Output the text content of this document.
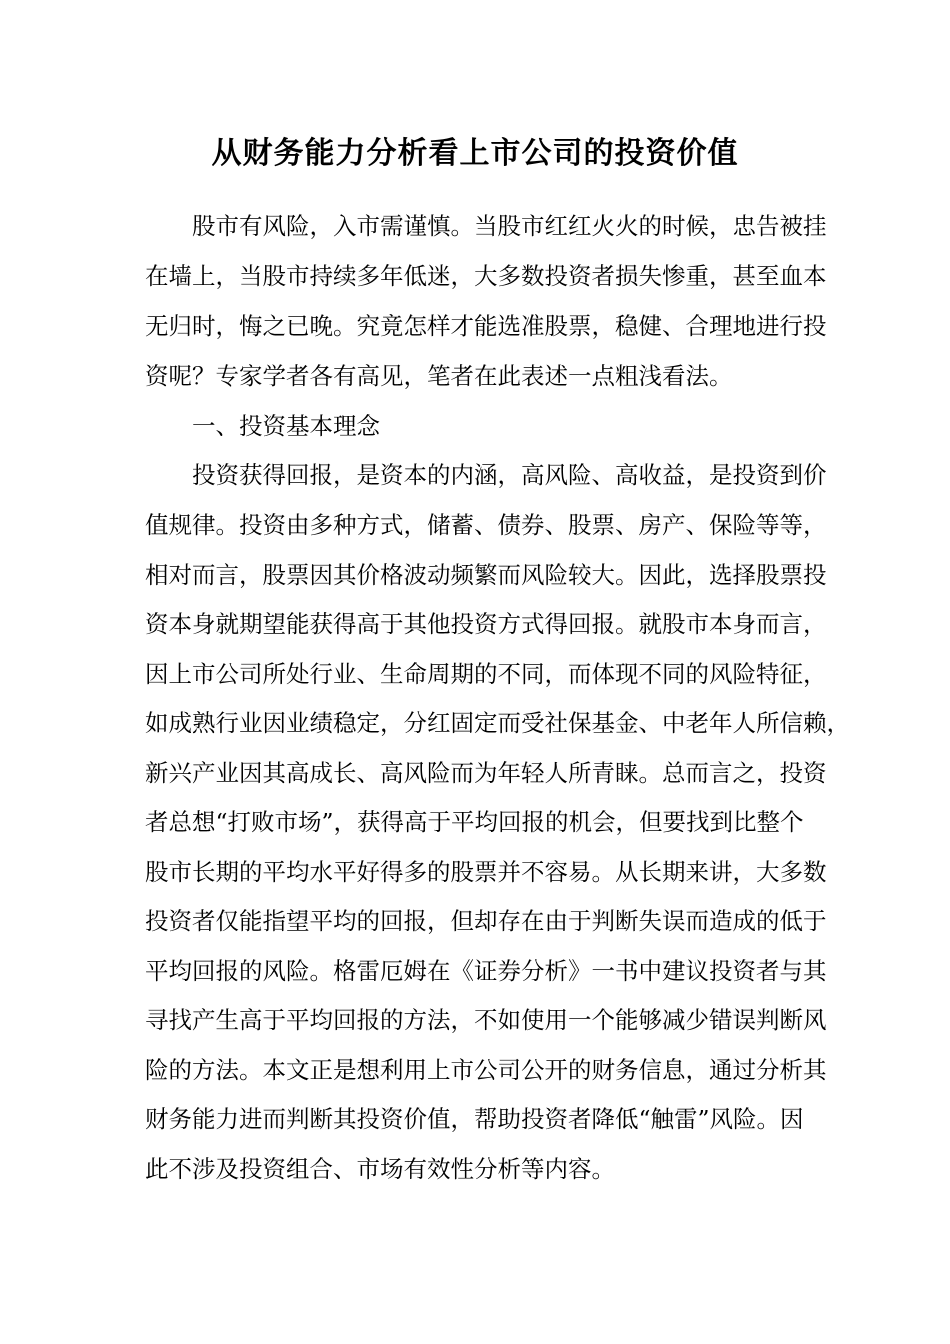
从财务能力分析看上市公司的投资价值

　　股市有风险，入市需谨慎。当股市红红火火的时候，忠告被挂

在墙上，当股市持续多年低迷，大多数投资者损失惨重，甚至血本

无归时，悔之已晚。究竟怎样才能选准股票，稳健、合理地进行投

资呢？专家学者各有高见，笔者在此表述一点粗浅看法。

　　一、投资基本理念

　　投资获得回报，是资本的内涵，高风险、高收益，是投资到价

值规律。投资由多种方式，储蓄、债券、股票、房产、保险等等，

相对而言，股票因其价格波动频繁而风险较大。因此，选择股票投

资本身就期望能获得高于其他投资方式得回报。就股市本身而言，

因上市公司所处行业、生命周期的不同，而体现不同的风险特征，

如成熟行业因业绩稳定，分红固定而受社保基金、中老年人所信赖，

新兴产业因其高成长、高风险而为年轻人所青睐。总而言之，投资

者总想“打败市场”，获得高于平均回报的机会，但要找到比整个

股市长期的平均水平好得多的股票并不容易。从长期来讲，大多数

投资者仅能指望平均的回报，但却存在由于判断失误而造成的低于

平均回报的风险。格雷厄姆在《证券分析》一书中建议投资者与其

寻找产生高于平均回报的方法，不如使用一个能够减少错误判断风

险的方法。本文正是想利用上市公司公开的财务信息，通过分析其

财务能力进而判断其投资价值，帮助投资者降低“触雷”风险。因

此不涉及投资组合、市场有效性分析等内容。
